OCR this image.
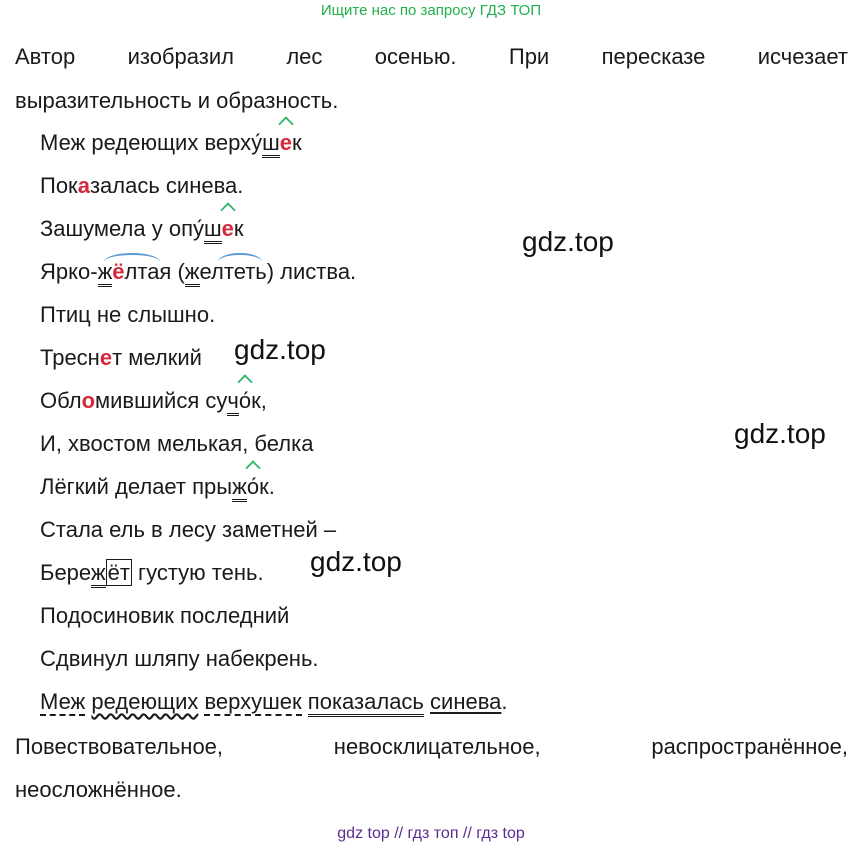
Ищите нас по запросу ГДЗ ТОП
Автор изобразил лес осенью. При пересказе исчезает
выразительность и образность.
Меж редеющих верху́шек
Показалась синева.
Зашумела у опу́шек
Ярко-жёлтая (желтеть) листва.
Птиц не слышно.
Треснет мелкий
Обломившийся сучо́к,
И, хвостом мелькая, белка
Лёгкий делает прыжо́к.
Стала ель в лесу заметней –
Бережёт густую тень.
Подосиновик последний
Сдвинул шляпу набекрень.
Меж редеющих верхушек показалась синева.
Повествовательное,	невосклицательное,	распространённое,
неосложнённое.
gdz.top
gdz.top
gdz.top
gdz.top
gdz top // гдз топ // гдз top
